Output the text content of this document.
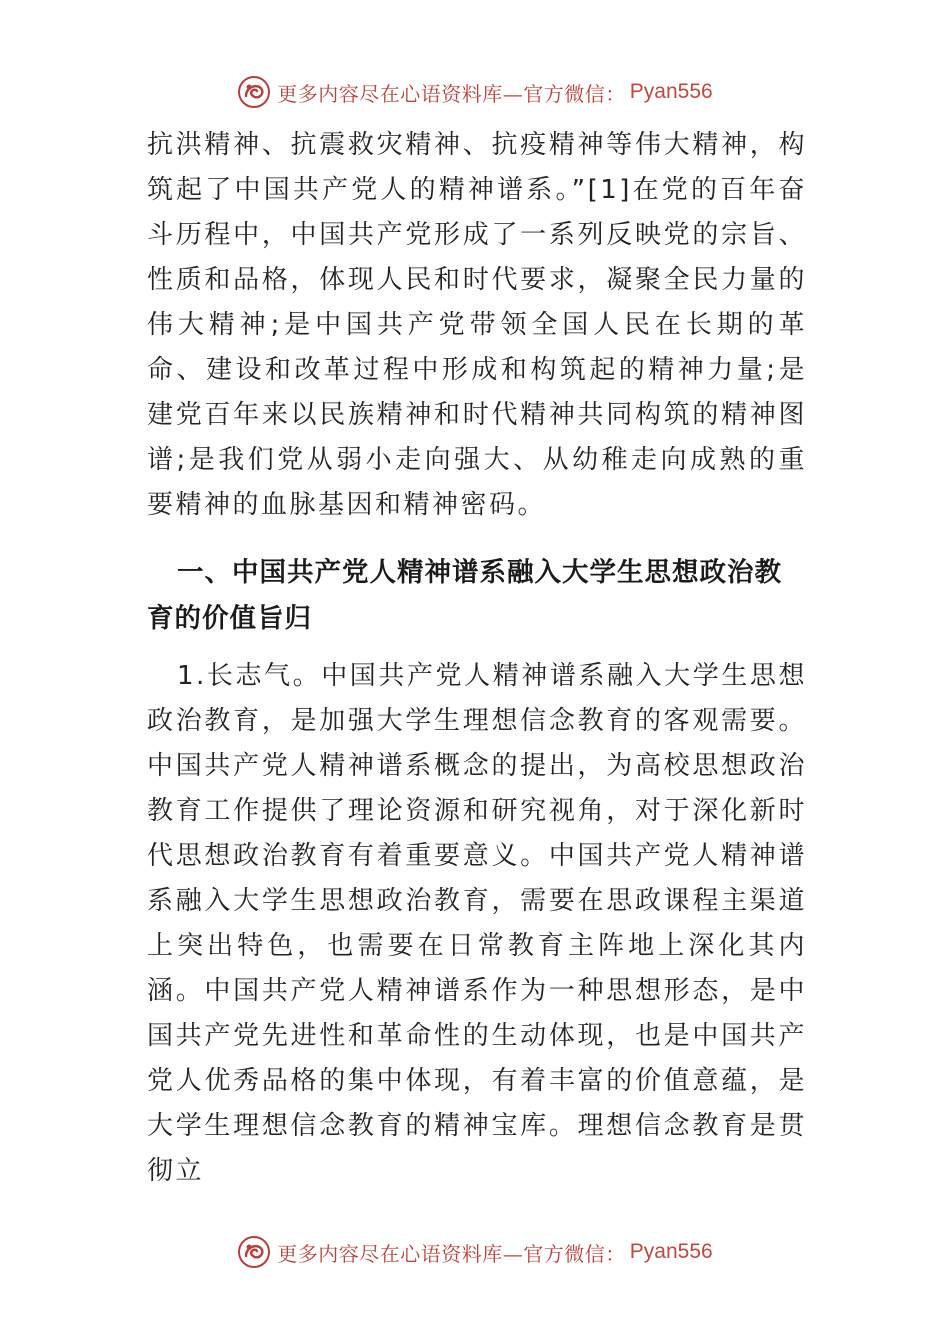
更多内容尽在心语资料库—官方微信： Pyan556

抗洪精神、抗震救灾精神、抗疫精神等伟大精神，构筑起了中国共产党人的精神谱系。”[1]在党的百年奋斗历程中，中国共产党形成了一系列反映党的宗旨、性质和品格，体现人民和时代要求，凝聚全民力量的伟大精神;是中国共产党带领全国人民在长期的革命、建设和改革过程中形成和构筑起的精神力量;是建党百年来以民族精神和时代精神共同构筑的精神图谱;是我们党从弱小走向强大、从幼稚走向成熟的重要精神的血脉基因和精神密码。

一、中国共产党人精神谱系融入大学生思想政治教育的价值旨归

1.长志气。中国共产党人精神谱系融入大学生思想政治教育，是加强大学生理想信念教育的客观需要。中国共产党人精神谱系概念的提出，为高校思想政治教育工作提供了理论资源和研究视角，对于深化新时代思想政治教育有着重要意义。中国共产党人精神谱系融入大学生思想政治教育，需要在思政课程主渠道上突出特色，也需要在日常教育主阵地上深化其内涵。中国共产党人精神谱系作为一种思想形态，是中国共产党先进性和革命性的生动体现，也是中国共产党人优秀品格的集中体现，有着丰富的价值意蕴，是大学生理想信念教育的精神宝库。理想信念教育是贯彻立

更多内容尽在心语资料库—官方微信： Pyan556
